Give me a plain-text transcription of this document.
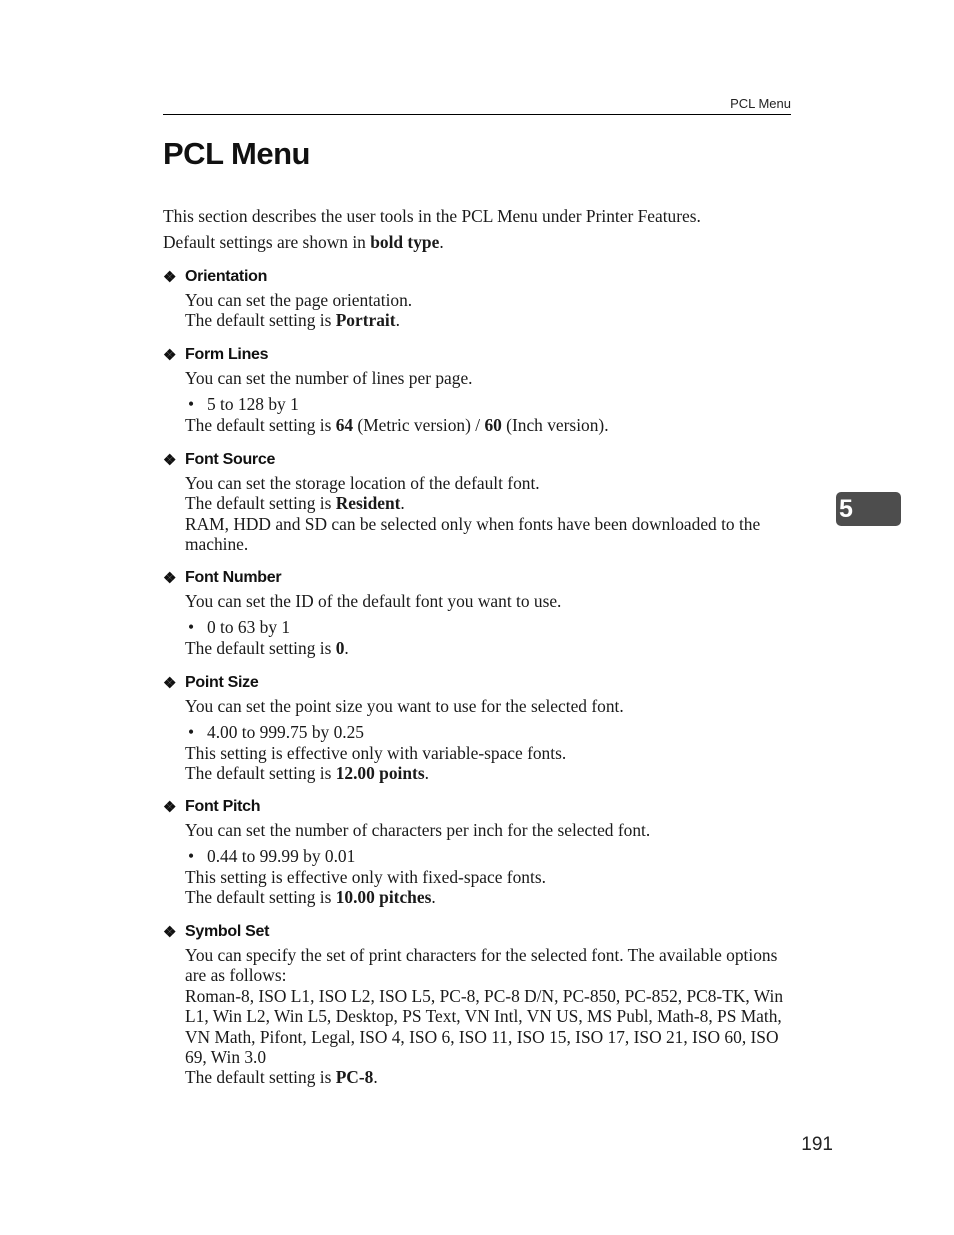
PCL Menu
PCL Menu

This section describes the user tools in the PCL Menu under Printer Features.

Default settings are shown in bold type.

❖ Orientation

You can set the page orientation.

The default setting is Portrait.

❖ Form Lines

You can set the number of lines per page.

• 5 to 128 by 1

The default setting is 64 (Metric version) / 60 (Inch version).

❖ Font Source

You can set the storage location of the default font.

The default setting is Resident.

RAM, HDD and SD can be selected only when fonts have been downloaded to the machine.

❖ Font Number

You can set the ID of the default font you want to use.

• 0 to 63 by 1

The default setting is 0.

❖ Point Size

You can set the point size you want to use for the selected font.

• 4.00 to 999.75 by 0.25

This setting is effective only with variable-space fonts.

The default setting is 12.00 points.

❖ Font Pitch

You can set the number of characters per inch for the selected font.

• 0.44 to 99.99 by 0.01

This setting is effective only with fixed-space fonts.

The default setting is 10.00 pitches.

❖ Symbol Set

You can specify the set of print characters for the selected font. The available options are as follows:

Roman-8, ISO L1, ISO L2, ISO L5, PC-8, PC-8 D/N, PC-850, PC-852, PC8-TK, Win L1, Win L2, Win L5, Desktop, PS Text, VN Intl, VN US, MS Publ, Math-8, PS Math, VN Math, Pifont, Legal, ISO 4, ISO 6, ISO 11, ISO 15, ISO 17, ISO 21, ISO 60, ISO 69, Win 3.0

The default setting is PC-8.

5
191
